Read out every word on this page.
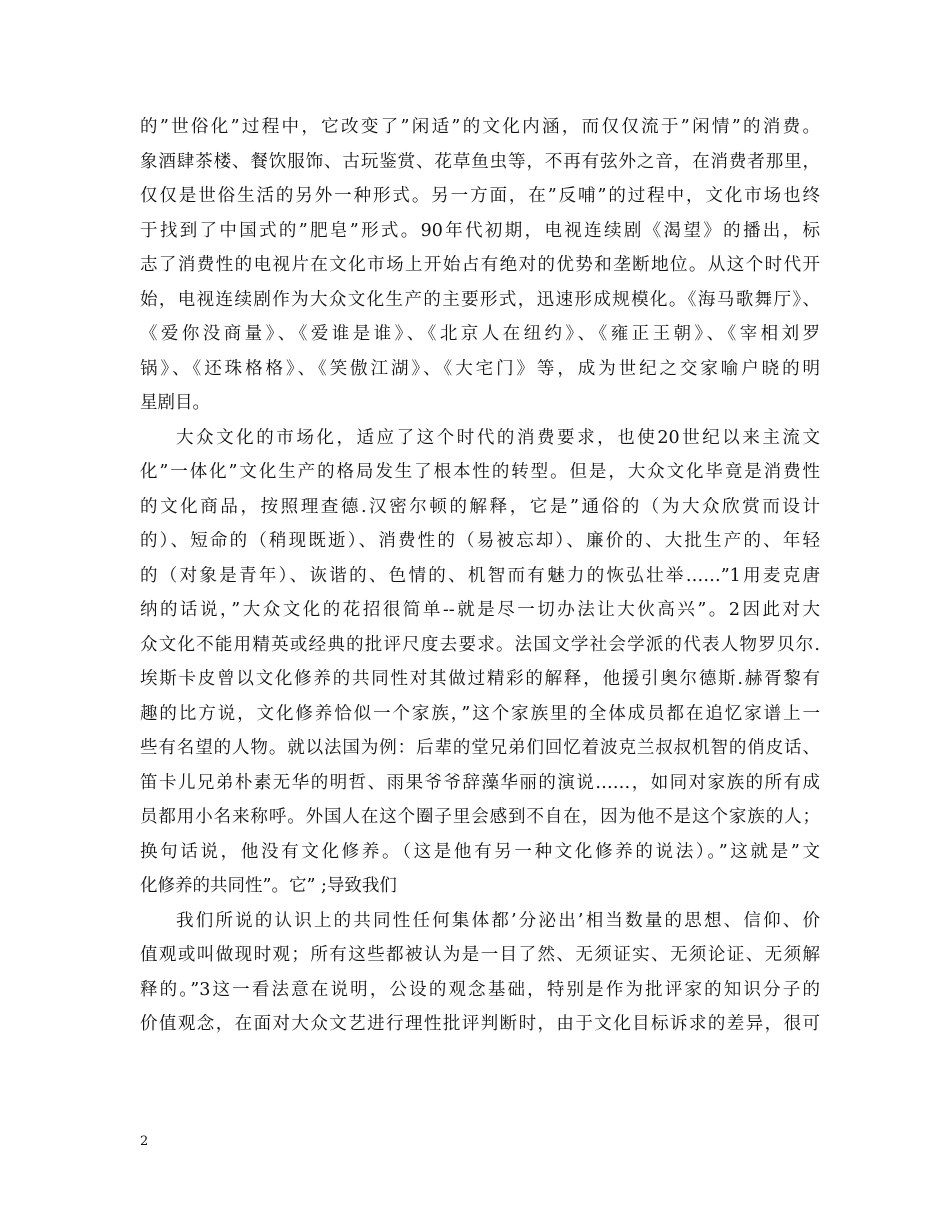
的”世俗化”过程中，它改变了”闲适”的文化内涵，而仅仅流于”闲情”的消费。
象酒肆茶楼、餐饮服饰、古玩鉴赏、花草鱼虫等，不再有弦外之音，在消费者那里，
仅仅是世俗生活的另外一种形式。另一方面，在”反哺”的过程中，文化市场也终
于找到了中国式的”肥皂”形式。90年代初期，电视连续剧《渴望》的播出，标
志了消费性的电视片在文化市场上开始占有绝对的优势和垄断地位。从这个时代开
始，电视连续剧作为大众文化生产的主要形式，迅速形成规模化。《海马歌舞厅》、
《爱你没商量》、《爱谁是谁》、《北京人在纽约》、《雍正王朝》、《宰相刘罗
锅》、《还珠格格》、《笑傲江湖》、《大宅门》等，成为世纪之交家喻户晓的明
星剧目。
大众文化的市场化，适应了这个时代的消费要求，也使20世纪以来主流文
化”一体化”文化生产的格局发生了根本性的转型。但是，大众文化毕竟是消费性
的文化商品，按照理查德.汉密尔顿的解释，它是”通俗的（为大众欣赏而设计
的）、短命的（稍现既逝）、消费性的（易被忘却）、廉价的、大批生产的、年轻
的（对象是青年）、诙谐的、色情的、机智而有魅力的恢弘壮举……”1用麦克唐
纳的话说，”大众文化的花招很简单--就是尽一切办法让大伙高兴”。2因此对大
众文化不能用精英或经典的批评尺度去要求。法国文学社会学派的代表人物罗贝尔.
埃斯卡皮曾以文化修养的共同性对其做过精彩的解释，他援引奥尔德斯.赫胥黎有
趣的比方说，文化修养恰似一个家族，”这个家族里的全体成员都在追忆家谱上一
些有名望的人物。就以法国为例：后辈的堂兄弟们回忆着波克兰叔叔机智的俏皮话、
笛卡儿兄弟朴素无华的明哲、雨果爷爷辞藻华丽的演说……，如同对家族的所有成
员都用小名来称呼。外国人在这个圈子里会感到不自在，因为他不是这个家族的人；
换句话说，他没有文化修养。（这是他有另一种文化修养的说法）。”这就是”文
化修养的共同性”。它” ;导致我们
我们所说的认识上的共同性任何集体都’分泌出’相当数量的思想、信仰、价
值观或叫做现时观；所有这些都被认为是一目了然、无须证实、无须论证、无须解
释的。”3这一看法意在说明，公设的观念基础，特别是作为批评家的知识分子的
价值观念，在面对大众文艺进行理性批评判断时，由于文化目标诉求的差异，很可
2
